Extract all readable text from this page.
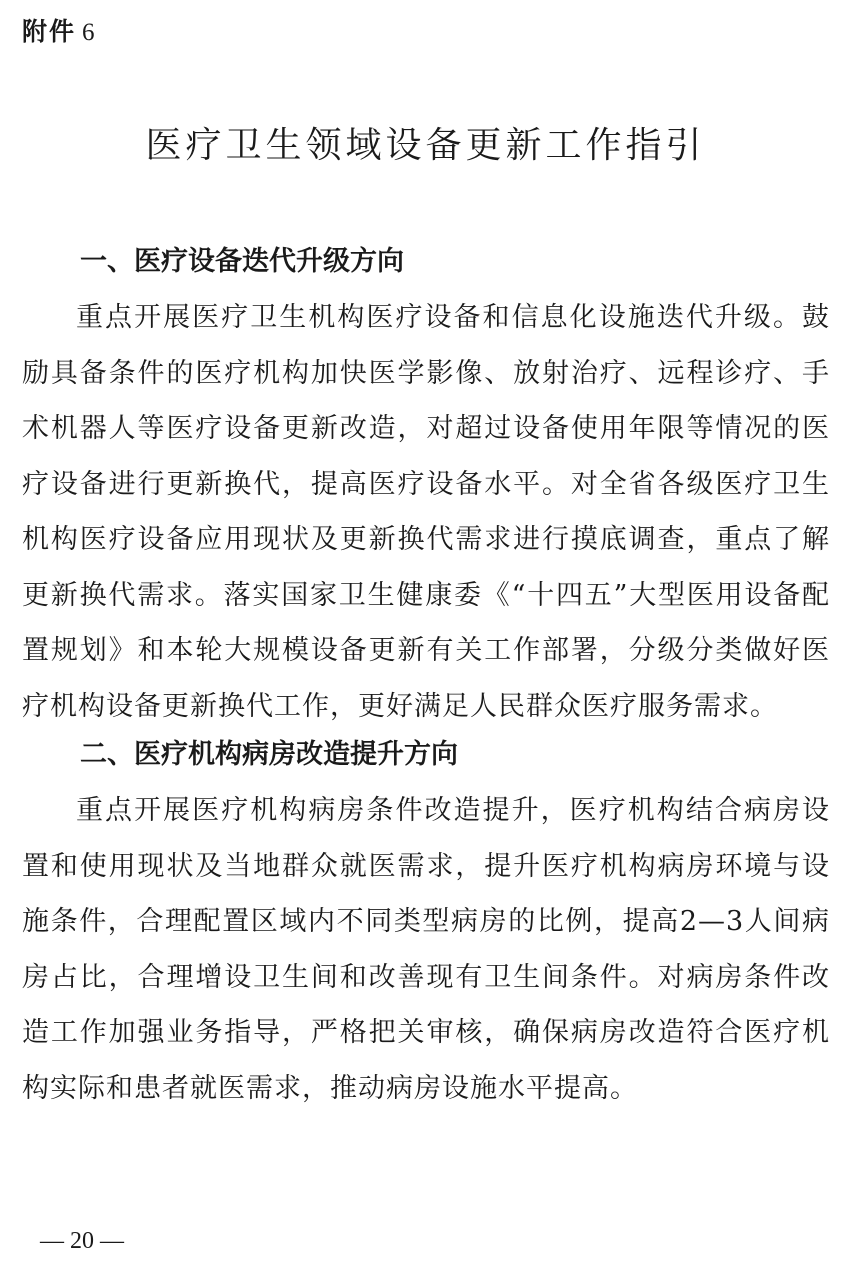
附件 6
医疗卫生领域设备更新工作指引
一、医疗设备迭代升级方向

重点开展医疗卫生机构医疗设备和信息化设施迭代升级。鼓励具备条件的医疗机构加快医学影像、放射治疗、远程诊疗、手术机器人等医疗设备更新改造，对超过设备使用年限等情况的医疗设备进行更新换代，提高医疗设备水平。对全省各级医疗卫生机构医疗设备应用现状及更新换代需求进行摸底调查，重点了解更新换代需求。落实国家卫生健康委《“十四五”大型医用设备配置规划》和本轮大规模设备更新有关工作部署，分级分类做好医疗机构设备更新换代工作，更好满足人民群众医疗服务需求。

二、医疗机构病房改造提升方向

重点开展医疗机构病房条件改造提升，医疗机构结合病房设置和使用现状及当地群众就医需求，提升医疗机构病房环境与设施条件，合理配置区域内不同类型病房的比例，提高2—3人间病房占比，合理增设卫生间和改善现有卫生间条件。对病房条件改造工作加强业务指导，严格把关审核，确保病房改造符合医疗机构实际和患者就医需求，推动病房设施水平提高。

— 20 —
